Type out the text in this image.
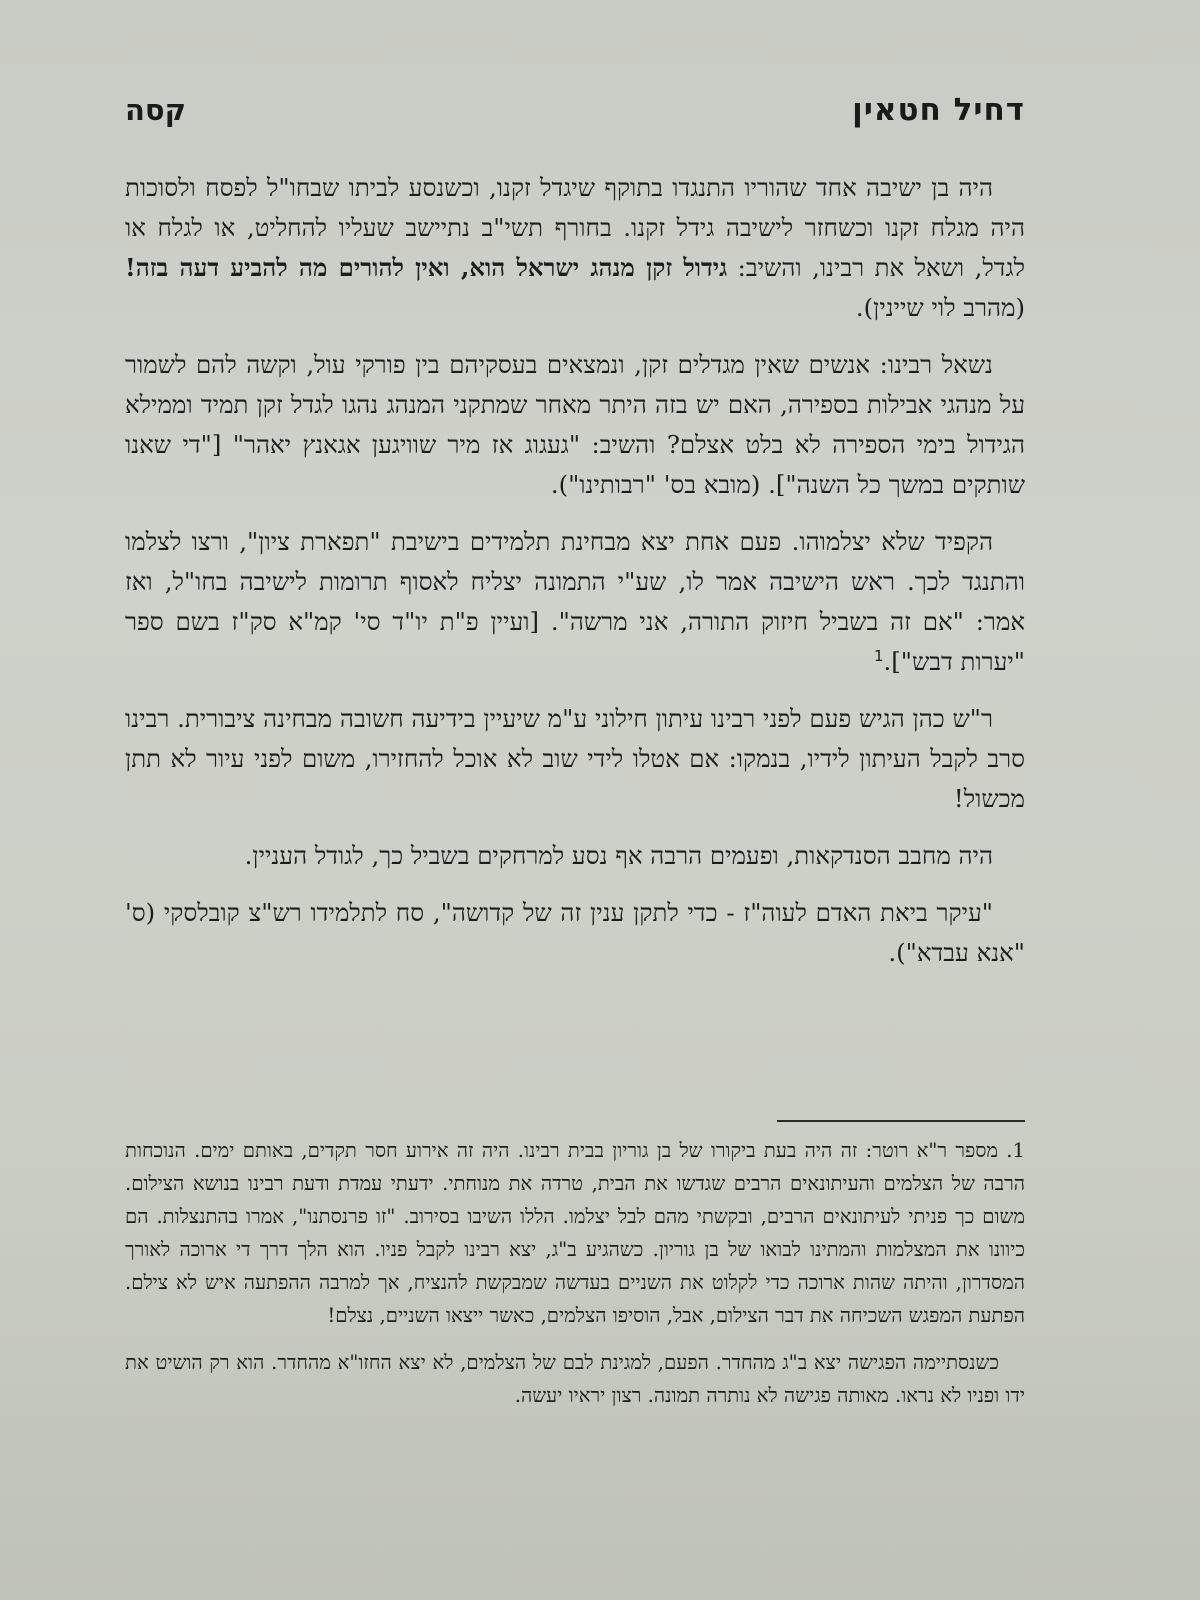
דחיל חטאין
קסה

היה בן ישיבה אחד שהוריו התנגדו בתוקף שיגדל זקנו, וכשנסע לביתו שבחו"ל לפסח ולסוכות היה מגלח זקנו וכשחזר לישיבה גידל זקנו. בחורף תשי"ב נתיישב שעליו להחליט, או לגלח או לגדל, ושאל את רבינו, והשיב: גידול זקן מנהג ישראל הוא, ואין להורים מה להביע דעה בזה! (מהרב לוי שיינין).

נשאל רבינו: אנשים שאין מגדלים זקן, ונמצאים בעסקיהם בין פורקי עול, וקשה להם לשמור על מנהגי אבילות בספירה, האם יש בזה היתר מאחר שמתקני המנהג נהגו לגדל זקן תמיד וממילא הגידול בימי הספירה לא בלט אצלם? והשיב: "געגוג אז מיר שוויגען אגאנץ יאהר" ["די שאנו שותקים במשך כל השנה"]. (מובא בס' "רבותינו").

הקפיד שלא יצלמוהו. פעם אחת יצא מבחינת תלמידים בישיבת "תפארת ציון", ורצו לצלמו והתנגד לכך. ראש הישיבה אמר לו, שע"י התמונה יצליח לאסוף תרומות לישיבה בחו"ל, ואז אמר: "אם זה בשביל חיזוק התורה, אני מרשה". [ועיין פ"ת יו"ד סי' קמ"א סק"ז בשם ספר "יערות דבש"].$^1$

ר"ש כהן הגיש פעם לפני רבינו עיתון חילוני ע"מ שיעיין בידיעה חשובה מבחינה ציבורית. רבינו סרב לקבל העיתון לידיו, בנמקו: אם אטלו לידי שוב לא אוכל להחזירו, משום לפני עיור לא תתן מכשול!

היה מחבב הסנדקאות, ופעמים הרבה אף נסע למרחקים בשביל כך, לגודל העניין.

"עיקר ביאת האדם לעוה"ז - כדי לתקן ענין זה של קדושה", סח לתלמידו רש"צ קובלסקי (ס' "אנא עבדא").

1. מספר ר"א רוטר: זה היה בעת ביקורו של בן גוריון בבית רבינו. היה זה אירוע חסר תקדים, באותם ימים. הנוכחות הרבה של הצלמים והעיתונאים הרבים שגדשו את הבית, טרדה את מנוחתי. ידעתי עמדת ודעת רבינו בנושא הצילום. משום כך פניתי לעיתונאים הרבים, ובקשתי מהם לבל יצלמו. הללו השיבו בסירוב. "זו פרנסתנו", אמרו בהתנצלות. הם כיוונו את המצלמות והמתינו לבואו של בן גוריון. כשהגיע ב"ג, יצא רבינו לקבל פניו. הוא הלך דרך די ארוכה לאורך המסדרון, והיתה שהות ארוכה כדי לקלוט את השניים בעדשה שמבקשת להנציח, אך למרבה ההפתעה איש לא צילם. הפתעת המפגש השכיחה את דבר הצילום, אבל, הוסיפו הצלמים, כאשר ייצאו השניים, נצלם!

כשנסתיימה הפגישה יצא ב"ג מהחדר. הפעם, למגינת לבם של הצלמים, לא יצא החזו"א מהחדר. הוא רק הושיט את ידו ופניו לא נראו. מאותה פגישה לא נותרה תמונה. רצון יראיו יעשה.
